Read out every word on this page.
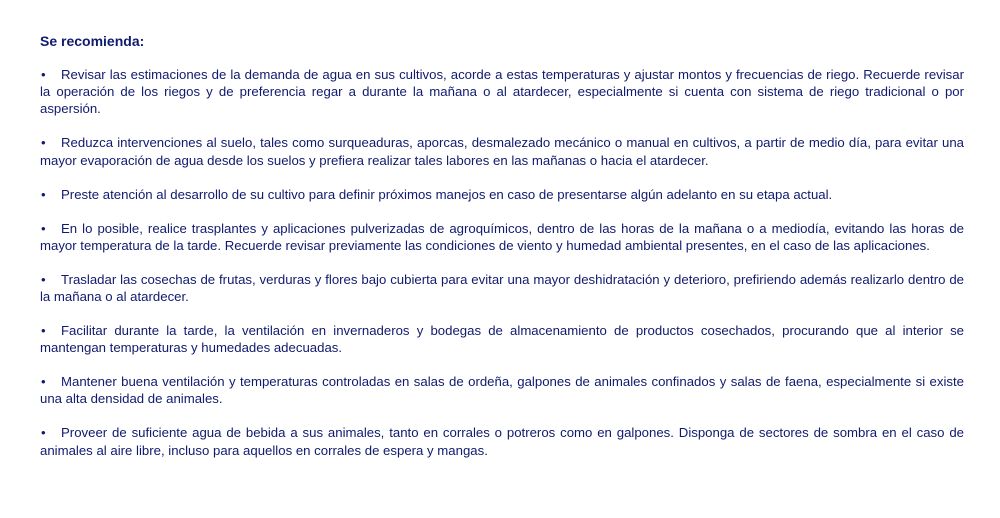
Se recomienda:
• Revisar las estimaciones de la demanda de agua en sus cultivos, acorde a estas temperaturas y ajustar montos y frecuencias de riego. Recuerde revisar la operación de los riegos y de preferencia regar a durante la mañana o al atardecer, especialmente si cuenta con sistema de riego tradicional o por aspersión.
• Reduzca intervenciones al suelo, tales como surqueaduras, aporcas, desmalezado mecánico o manual en cultivos, a partir de medio día, para evitar una mayor evaporación de agua desde los suelos y prefiera realizar tales labores en las mañanas o hacia el atardecer.
• Preste atención al desarrollo de su cultivo para definir próximos manejos en caso de presentarse algún adelanto en su etapa actual.
• En lo posible, realice trasplantes y aplicaciones pulverizadas de agroquímicos, dentro de las horas de la mañana o a mediodía, evitando las horas de mayor temperatura de la tarde. Recuerde revisar previamente las condiciones de viento y humedad ambiental presentes, en el caso de las aplicaciones.
• Trasladar las cosechas de frutas, verduras y flores bajo cubierta para evitar una mayor deshidratación y deterioro, prefiriendo además realizarlo dentro de la mañana o al atardecer.
• Facilitar durante la tarde, la ventilación en invernaderos y bodegas de almacenamiento de productos cosechados, procurando que al interior se mantengan temperaturas y humedades adecuadas.
• Mantener buena ventilación y temperaturas controladas en salas de ordeña, galpones de animales confinados y salas de faena, especialmente si existe una alta densidad de animales.
• Proveer de suficiente agua de bebida a sus animales, tanto en corrales o potreros como en galpones. Disponga de sectores de sombra en el caso de animales al aire libre, incluso para aquellos en corrales de espera y mangas.
